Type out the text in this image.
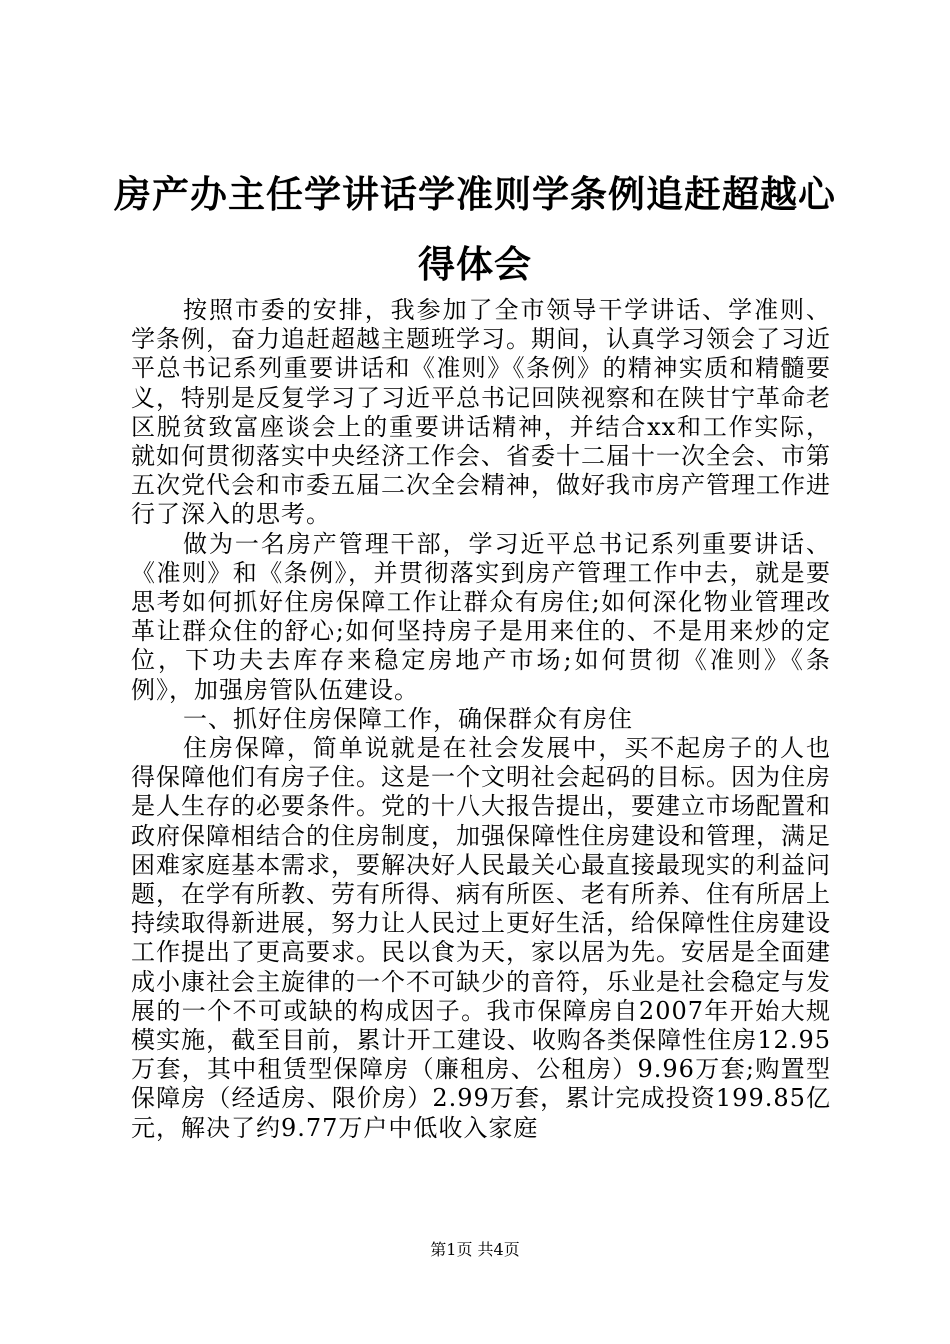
房产办主任学讲话学准则学条例追赶超越心得体会

按照市委的安排，我参加了全市领导干学讲话、学准则、学条例，奋力追赶超越主题班学习。期间，认真学习领会了习近平总书记系列重要讲话和《准则》《条例》的精神实质和精髓要义，特别是反复学习了习近平总书记回陕视察和在陕甘宁革命老区脱贫致富座谈会上的重要讲话精神，并结合xx和工作实际，就如何贯彻落实中央经济工作会、省委十二届十一次全会、市第五次党代会和市委五届二次全会精神，做好我市房产管理工作进行了深入的思考。

做为一名房产管理干部，学习近平总书记系列重要讲话、《准则》和《条例》，并贯彻落实到房产管理工作中去，就是要思考如何抓好住房保障工作让群众有房住;如何深化物业管理改革让群众住的舒心;如何坚持房子是用来住的、不是用来炒的定位，下功夫去库存来稳定房地产市场;如何贯彻《准则》《条例》，加强房管队伍建设。

一、抓好住房保障工作，确保群众有房住

住房保障，简单说就是在社会发展中，买不起房子的人也得保障他们有房子住。这是一个文明社会起码的目标。因为住房是人生存的必要条件。党的十八大报告提出，要建立市场配置和政府保障相结合的住房制度，加强保障性住房建设和管理，满足困难家庭基本需求，要解决好人民最关心最直接最现实的利益问题，在学有所教、劳有所得、病有所医、老有所养、住有所居上持续取得新进展，努力让人民过上更好生活，给保障性住房建设工作提出了更高要求。民以食为天，家以居为先。安居是全面建成小康社会主旋律的一个不可缺少的音符，乐业是社会稳定与发展的一个不可或缺的构成因子。我市保障房自2007年开始大规模实施，截至目前，累计开工建设、收购各类保障性住房12.95万套，其中租赁型保障房（廉租房、公租房）9.96万套;购置型保障房（经适房、限价房）2.99万套，累计完成投资199.85亿元，解决了约9.77万户中低收入家庭

第1页 共4页
